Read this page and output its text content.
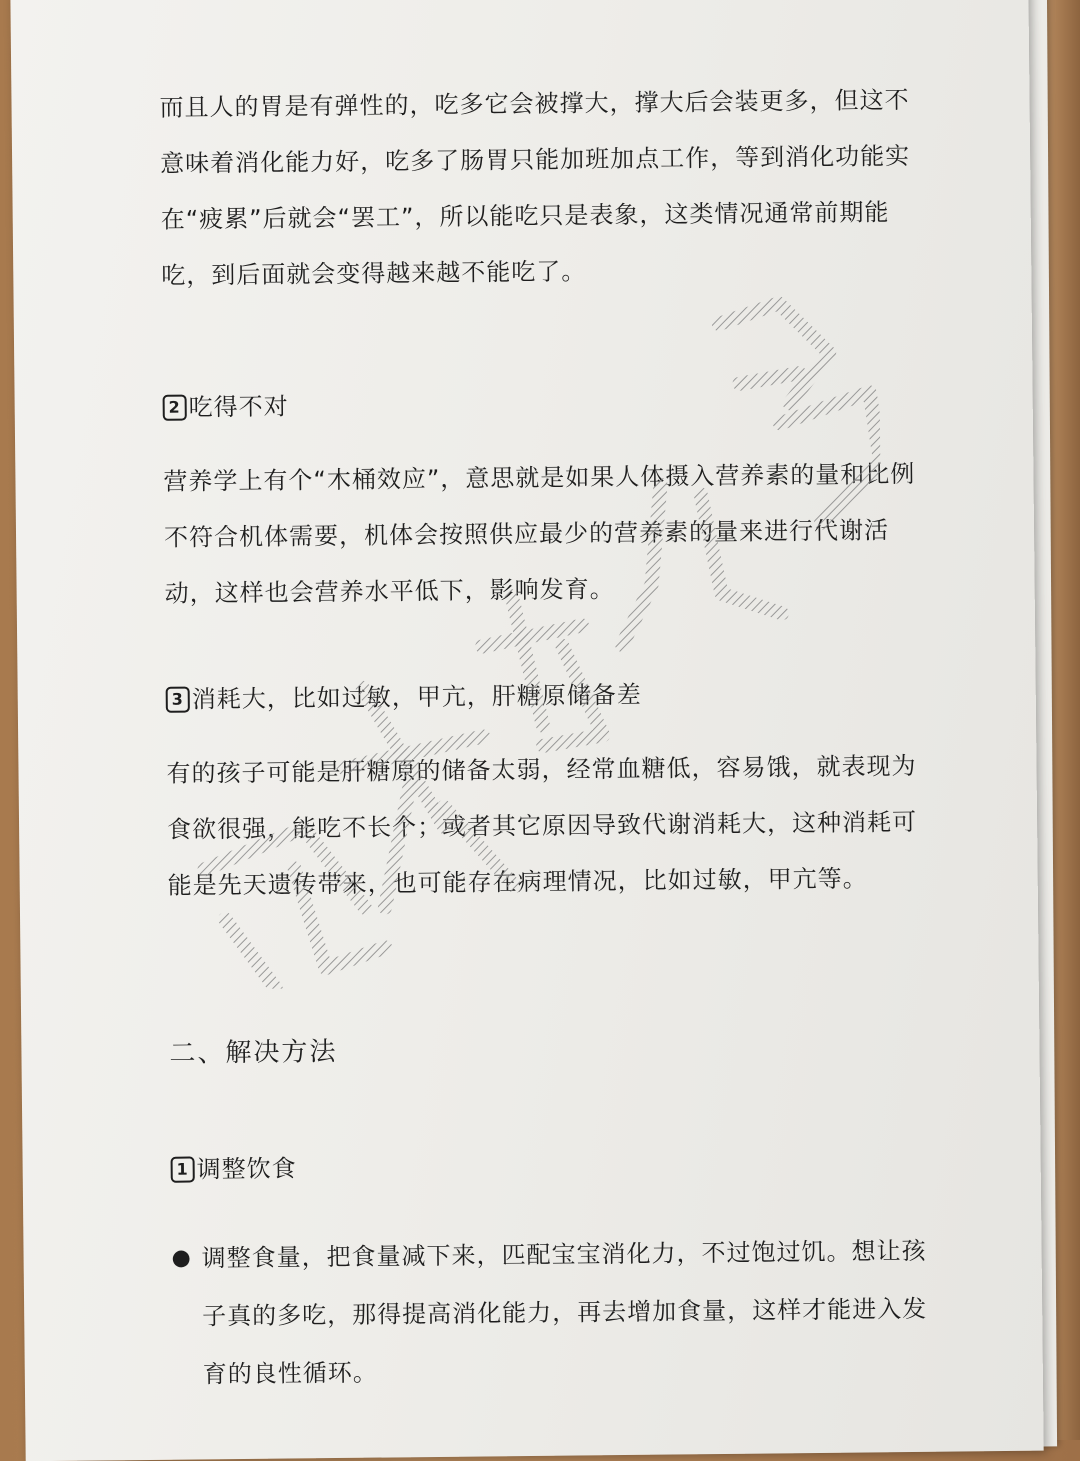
而且人的胃是有弹性的，吃多它会被撑大，撑大后会装更多，但这不意味着消化能力好，吃多了肠胃只能加班加点工作，等到消化功能实在“疲累”后就会“罢工”，所以能吃只是表象，这类情况通常前期能吃，到后面就会变得越来越不能吃了。

2 吃得不对

营养学上有个“木桶效应”，意思就是如果人体摄入营养素的量和比例不符合机体需要，机体会按照供应最少的营养素的量来进行代谢活动，这样也会营养水平低下，影响发育。

3 消耗大，比如过敏，甲亢，肝糖原储备差

有的孩子可能是肝糖原的储备太弱，经常血糖低，容易饿，就表现为食欲很强，能吃不长个；或者其它原因导致代谢消耗大，这种消耗可能是先天遗传带来，也可能存在病理情况，比如过敏，甲亢等。

二、解决方法

1 调整饮食
● 调整食量，把食量减下来，匹配宝宝消化力，不过饱过饥。想让孩子真的多吃，那得提高消化能力，再去增加食量，这样才能进入发育的良性循环。
